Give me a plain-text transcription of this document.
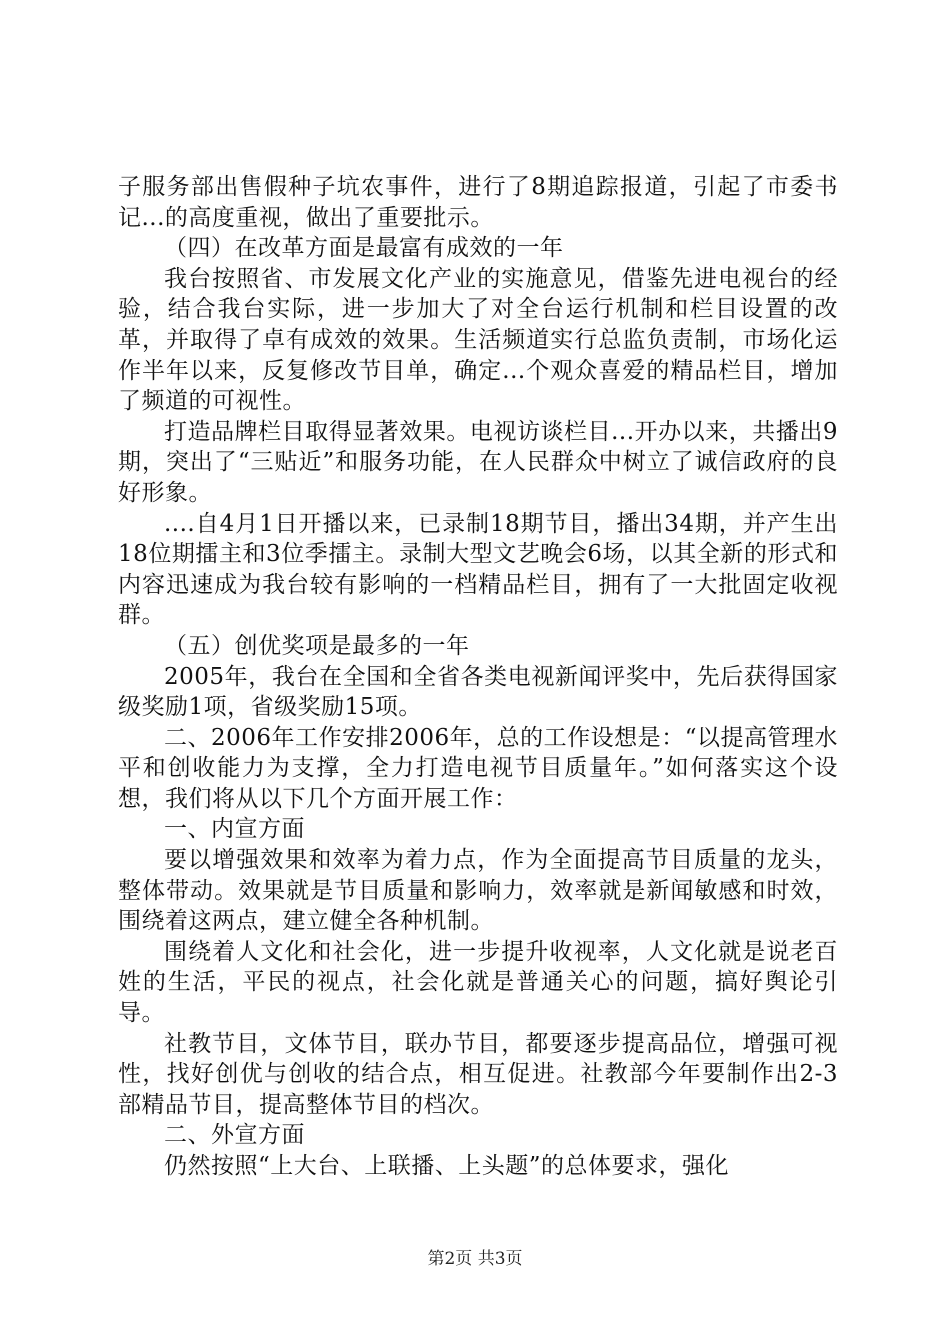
子服务部出售假种子坑农事件，进行了8期追踪报道，引起了市委书记...的高度重视，做出了重要批示。

（四）在改革方面是最富有成效的一年

我台按照省、市发展文化产业的实施意见，借鉴先进电视台的经验，结合我台实际，进一步加大了对全台运行机制和栏目设置的改革，并取得了卓有成效的效果。生活频道实行总监负责制，市场化运作半年以来，反复修改节目单，确定...个观众喜爱的精品栏目，增加了频道的可视性。

打造品牌栏目取得显著效果。电视访谈栏目...开办以来，共播出9期，突出了“三贴近”和服务功能，在人民群众中树立了诚信政府的良好形象。

....自4月1日开播以来，已录制18期节目，播出34期，并产生出18位期擂主和3位季擂主。录制大型文艺晚会6场，以其全新的形式和内容迅速成为我台较有影响的一档精品栏目，拥有了一大批固定收视群。

（五）创优奖项是最多的一年

2005年，我台在全国和全省各类电视新闻评奖中，先后获得国家级奖励1项，省级奖励15项。

二、2006年工作安排2006年，总的工作设想是：“以提高管理水平和创收能力为支撑，全力打造电视节目质量年。”如何落实这个设想，我们将从以下几个方面开展工作：

一、内宣方面

要以增强效果和效率为着力点，作为全面提高节目质量的龙头，整体带动。效果就是节目质量和影响力，效率就是新闻敏感和时效，围绕着这两点，建立健全各种机制。

围绕着人文化和社会化，进一步提升收视率，人文化就是说老百姓的生活，平民的视点，社会化就是普通关心的问题，搞好舆论引导。

社教节目，文体节目，联办节目，都要逐步提高品位，增强可视性，找好创优与创收的结合点，相互促进。社教部今年要制作出2-3部精品节目，提高整体节目的档次。

二、外宣方面

仍然按照“上大台、上联播、上头题”的总体要求，强化

第2页 共3页
